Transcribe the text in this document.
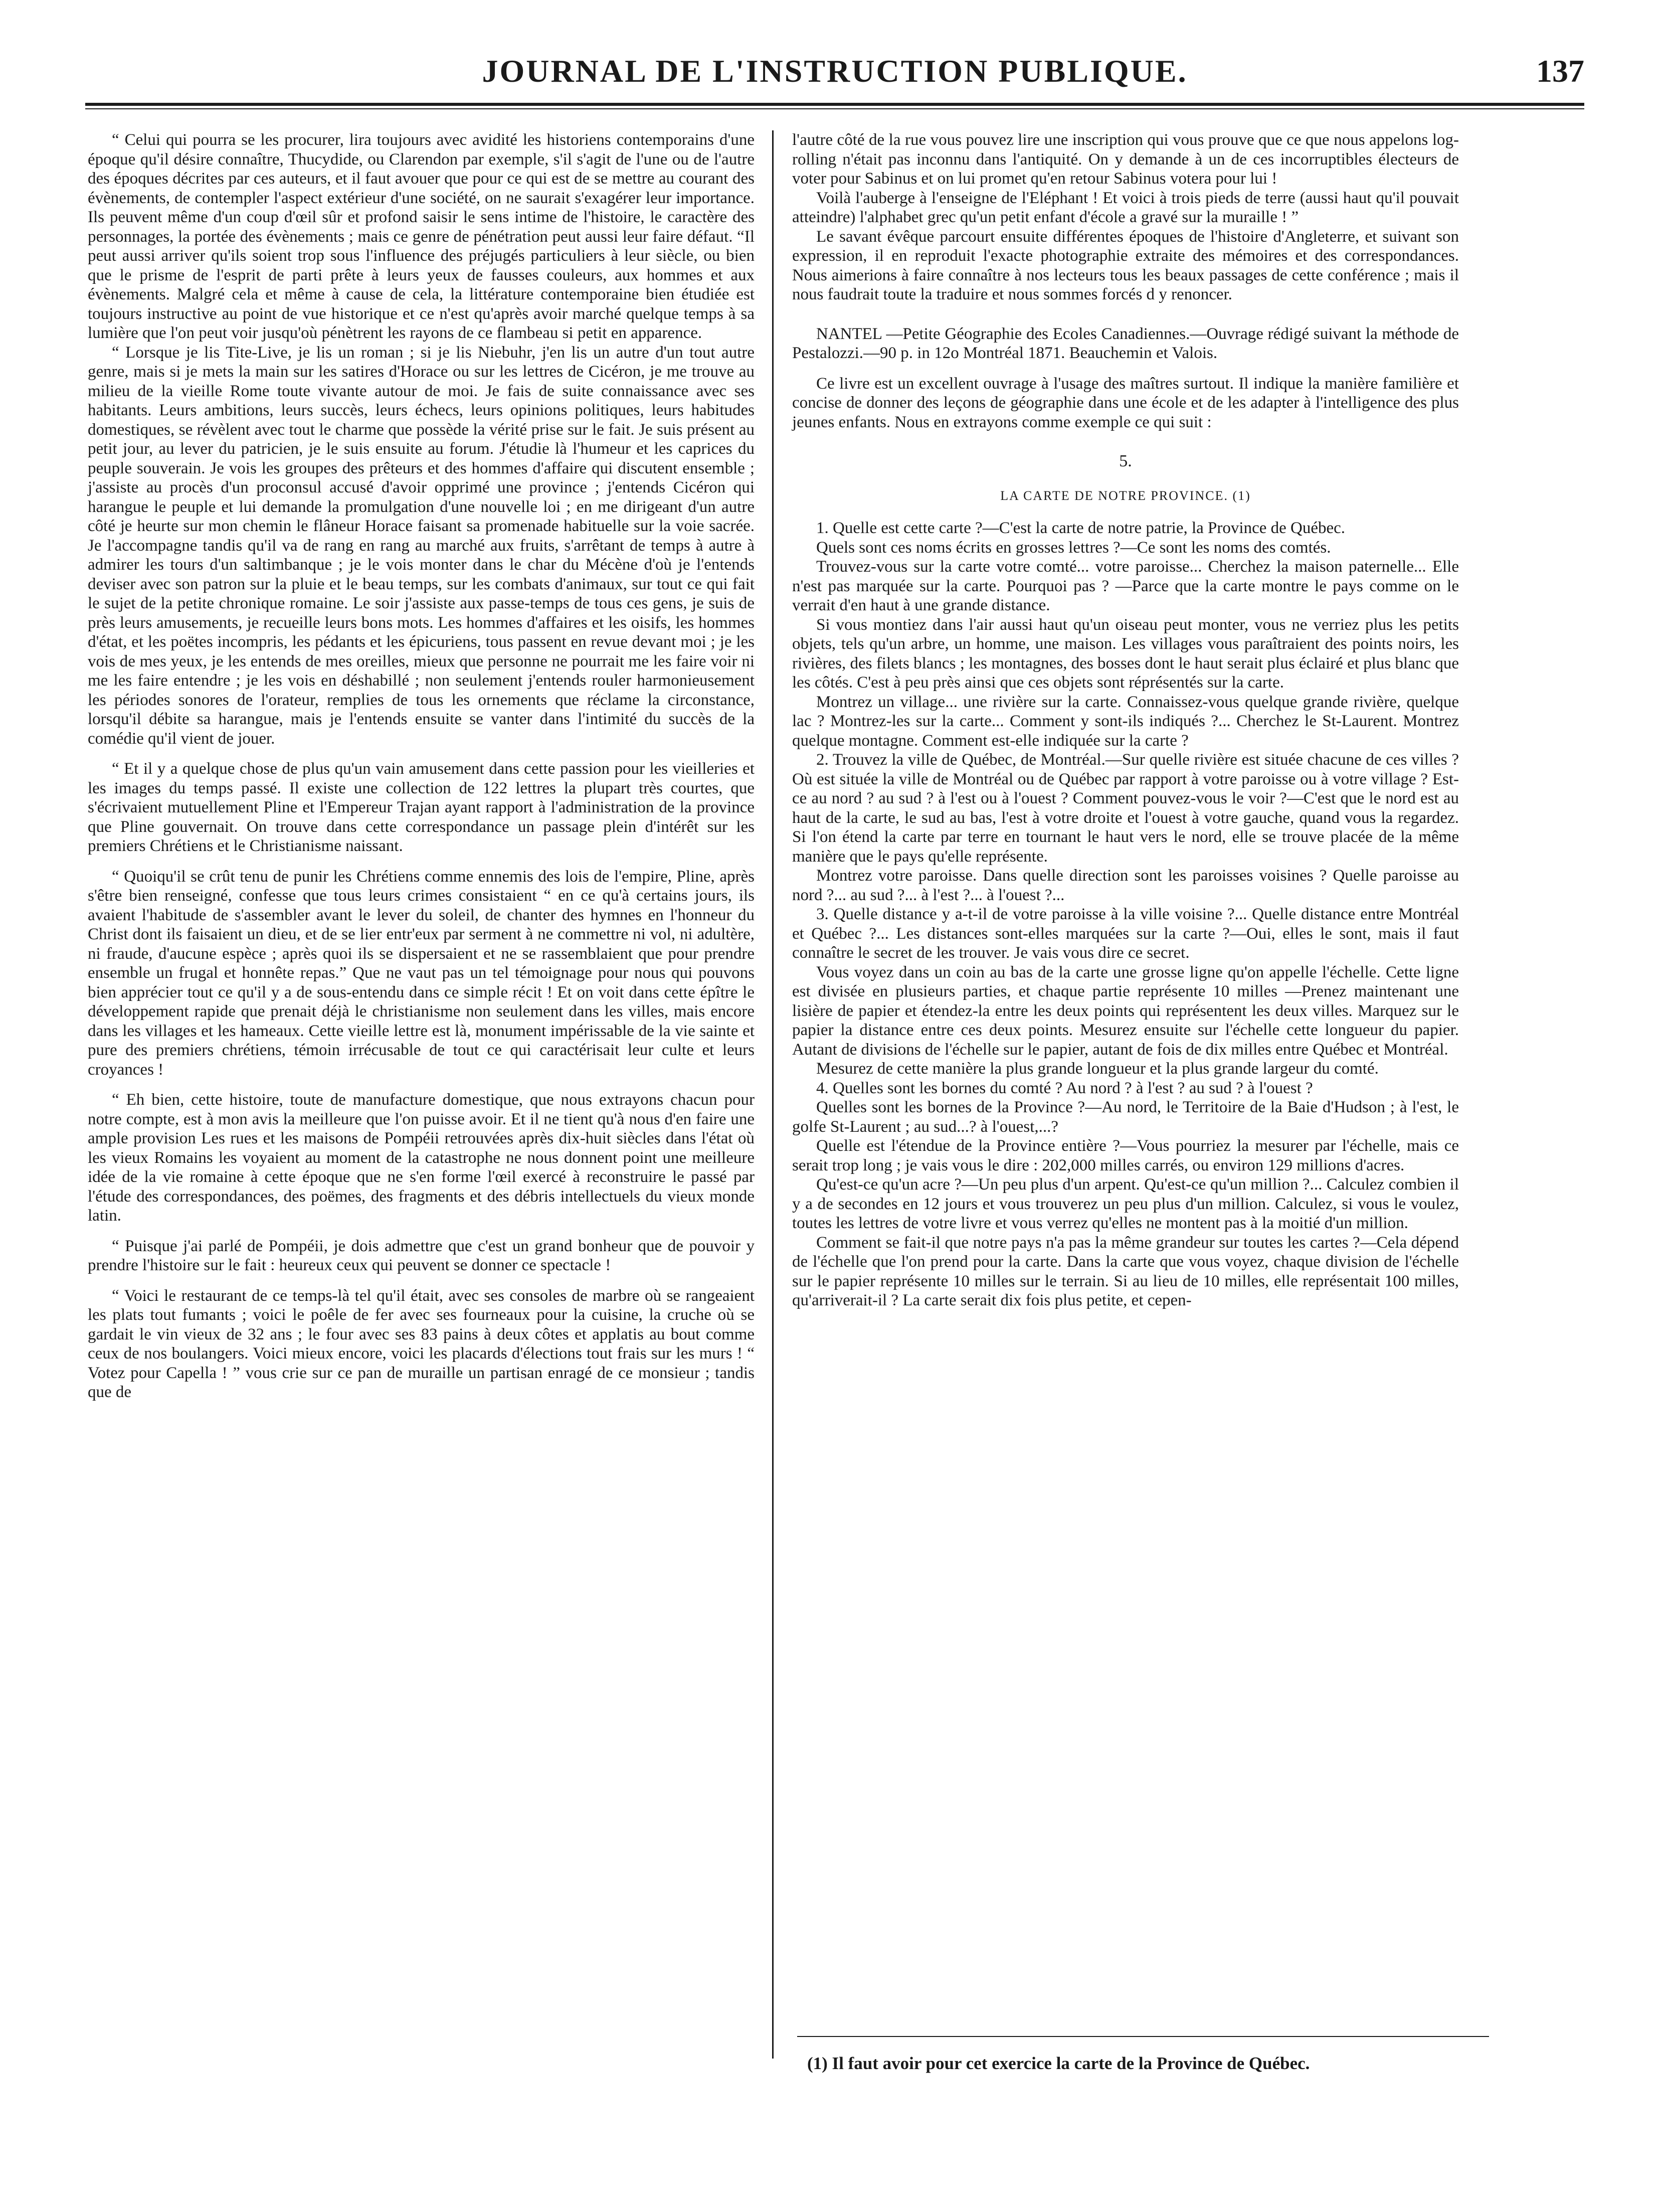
JOURNAL DE L'INSTRUCTION PUBLIQUE.	137

“ Celui qui pourra se les procurer, lira toujours avec avidité les historiens contemporains d'une époque qu'il désire connaître, Thucydide, ou Clarendon par exemple, s'il s'agit de l'une ou de l'autre des époques décrites par ces auteurs, et il faut avouer que pour ce qui est de se mettre au courant des évènements, de contempler l'aspect extérieur d'une société, on ne saurait s'exagérer leur importance. Ils peuvent même d'un coup d'œil sûr et profond saisir le sens intime de l'histoire, le caractère des personnages, la portée des évènements ; mais ce genre de pénétration peut aussi leur faire défaut. “Il peut aussi arriver qu'ils soient trop sous l'influence des préjugés particuliers à leur siècle, ou bien que le prisme de l'esprit de parti prête à leurs yeux de fausses couleurs, aux hommes et aux évènements. Malgré cela et même à cause de cela, la littérature contemporaine bien étudiée est toujours instructive au point de vue historique et ce n'est qu'après avoir marché quelque temps à sa lumière que l'on peut voir jusqu'où pénètrent les rayons de ce flambeau si petit en apparence.

“ Lorsque je lis Tite-Live, je lis un roman ; si je lis Niebuhr, j'en lis un autre d'un tout autre genre, mais si je mets la main sur les satires d'Horace ou sur les lettres de Cicéron, je me trouve au milieu de la vieille Rome toute vivante autour de moi. Je fais de suite connaissance avec ses habitants. Leurs ambitions, leurs succès, leurs échecs, leurs opinions politiques, leurs habitudes domestiques, se révèlent avec tout le charme que possède la vérité prise sur le fait. Je suis présent au petit jour, au lever du patricien, je le suis ensuite au forum. J'étudie là l'humeur et les caprices du peuple souverain. Je vois les groupes des prêteurs et des hommes d'affaire qui discutent ensemble ; j'assiste au procès d'un proconsul accusé d'avoir opprimé une province ; j'entends Cicéron qui harangue le peuple et lui demande la promulgation d'une nouvelle loi ; en me dirigeant d'un autre côté je heurte sur mon chemin le flâneur Horace faisant sa promenade habituelle sur la voie sacrée. Je l'accompagne tandis qu'il va de rang en rang au marché aux fruits, s'arrêtant de temps à autre à admirer les tours d'un saltimbanque ; je le vois monter dans le char du Mécène d'où je l'entends deviser avec son patron sur la pluie et le beau temps, sur les combats d'animaux, sur tout ce qui fait le sujet de la petite chronique romaine. Le soir j'assiste aux passe-temps de tous ces gens, je suis de près leurs amusements, je recueille leurs bons mots. Les hommes d'affaires et les oisifs, les hommes d'état, et les poëtes incompris, les pédants et les épicuriens, tous passent en revue devant moi ; je les vois de mes yeux, je les entends de mes oreilles, mieux que personne ne pourrait me les faire voir ni me les faire entendre ; je les vois en déshabillé ; non seulement j'entends rouler harmonieusement les périodes sonores de l'orateur, remplies de tous les ornements que réclame la circonstance, lorsqu'il débite sa harangue, mais je l'entends ensuite se vanter dans l'intimité du succès de la comédie qu'il vient de jouer.

“ Et il y a quelque chose de plus qu'un vain amusement dans cette passion pour les vieilleries et les images du temps passé. Il existe une collection de 122 lettres la plupart très courtes, que s'écrivaient mutuellement Pline et l'Empereur Trajan ayant rapport à l'administration de la province que Pline gouvernait. On trouve dans cette correspondance un passage plein d'intérêt sur les premiers Chrétiens et le Christianisme naissant.

“ Quoiqu'il se crût tenu de punir les Chrétiens comme ennemis des lois de l'empire, Pline, après s'être bien renseigné, confesse que tous leurs crimes consistaient “ en ce qu'à certains jours, ils avaient l'habitude de s'assembler avant le lever du soleil, de chanter des hymnes en l'honneur du Christ dont ils faisaient un dieu, et de se lier entr'eux par serment à ne commettre ni vol, ni adultère, ni fraude, d'aucune espèce ; après quoi ils se dispersaient et ne se rassemblaient que pour prendre ensemble un frugal et honnête repas.” Que ne vaut pas un tel témoignage pour nous qui pouvons bien apprécier tout ce qu'il y a de sous-entendu dans ce simple récit ! Et on voit dans cette épître le développement rapide que prenait déjà le christianisme non seulement dans les villes, mais encore dans les villages et les hameaux. Cette vieille lettre est là, monument impérissable de la vie sainte et pure des premiers chrétiens, témoin irrécusable de tout ce qui caractérisait leur culte et leurs croyances !

“ Eh bien, cette histoire, toute de manufacture domestique, que nous extrayons chacun pour notre compte, est à mon avis la meilleure que l'on puisse avoir. Et il ne tient qu'à nous d'en faire une ample provision Les rues et les maisons de Pompéii retrouvées après dix-huit siècles dans l'état où les vieux Romains les voyaient au moment de la catastrophe ne nous donnent point une meilleure idée de la vie romaine à cette époque que ne s'en forme l'œil exercé à reconstruire le passé par l'étude des correspondances, des poëmes, des fragments et des débris intellectuels du vieux monde latin.

“ Puisque j'ai parlé de Pompéii, je dois admettre que c'est un grand bonheur que de pouvoir y prendre l'histoire sur le fait : heureux ceux qui peuvent se donner ce spectacle !

“ Voici le restaurant de ce temps-là tel qu'il était, avec ses consoles de marbre où se rangeaient les plats tout fumants ; voici le poêle de fer avec ses fourneaux pour la cuisine, la cruche où se gardait le vin vieux de 32 ans ; le four avec ses 83 pains à deux côtes et applatis au bout comme ceux de nos boulangers. Voici mieux encore, voici les placards d'élections tout frais sur les murs ! “ Votez pour Capella ! ” vous crie sur ce pan de muraille un partisan enragé de ce monsieur ; tandis que de

l'autre côté de la rue vous pouvez lire une inscription qui vous prouve que ce que nous appelons log-rolling n'était pas inconnu dans l'antiquité. On y demande à un de ces incorruptibles électeurs de voter pour Sabinus et on lui promet qu'en retour Sabinus votera pour lui !

Voilà l'auberge à l'enseigne de l'Eléphant ! Et voici à trois pieds de terre (aussi haut qu'il pouvait atteindre) l'alphabet grec qu'un petit enfant d'école a gravé sur la muraille ! ”

Le savant évêque parcourt ensuite différentes époques de l'histoire d'Angleterre, et suivant son expression, il en reproduit l'exacte photographie extraite des mémoires et des correspondances. Nous aimerions à faire connaître à nos lecteurs tous les beaux passages de cette conférence ; mais il nous faudrait toute la traduire et nous sommes forcés d y renoncer.

NANTEL —Petite Géographie des Ecoles Canadiennes.—Ouvrage rédigé suivant la méthode de Pestalozzi.—90 p. in 12o Montréal 1871. Beauchemin et Valois.

Ce livre est un excellent ouvrage à l'usage des maîtres surtout. Il indique la manière familière et concise de donner des leçons de géographie dans une école et de les adapter à l'intelligence des plus jeunes enfants. Nous en extrayons comme exemple ce qui suit :

5.
LA CARTE DE NOTRE PROVINCE. (1)

1. Quelle est cette carte ?—C'est la carte de notre patrie, la Province de Québec.

Quels sont ces noms écrits en grosses lettres ?—Ce sont les noms des comtés.

Trouvez-vous sur la carte votre comté... votre paroisse... Cherchez la maison paternelle... Elle n'est pas marquée sur la carte. Pourquoi pas ? —Parce que la carte montre le pays comme on le verrait d'en haut à une grande distance.

Si vous montiez dans l'air aussi haut qu'un oiseau peut monter, vous ne verriez plus les petits objets, tels qu'un arbre, un homme, une maison. Les villages vous paraîtraient des points noirs, les rivières, des filets blancs ; les montagnes, des bosses dont le haut serait plus éclairé et plus blanc que les côtés. C'est à peu près ainsi que ces objets sont réprésentés sur la carte.

Montrez un village... une rivière sur la carte. Connaissez-vous quelque grande rivière, quelque lac ? Montrez-les sur la carte... Comment y sont-ils indiqués ?... Cherchez le St-Laurent. Montrez quelque montagne. Comment est-elle indiquée sur la carte ?

2. Trouvez la ville de Québec, de Montréal.—Sur quelle rivière est située chacune de ces villes ? Où est située la ville de Montréal ou de Québec par rapport à votre paroisse ou à votre village ? Est-ce au nord ? au sud ? à l'est ou à l'ouest ? Comment pouvez-vous le voir ?—C'est que le nord est au haut de la carte, le sud au bas, l'est à votre droite et l'ouest à votre gauche, quand vous la regardez. Si l'on étend la carte par terre en tournant le haut vers le nord, elle se trouve placée de la même manière que le pays qu'elle représente.

Montrez votre paroisse. Dans quelle direction sont les paroisses voisines ? Quelle paroisse au nord ?... au sud ?... à l'est ?... à l'ouest ?...

3. Quelle distance y a-t-il de votre paroisse à la ville voisine ?... Quelle distance entre Montréal et Québec ?... Les distances sont-elles marquées sur la carte ?—Oui, elles le sont, mais il faut connaître le secret de les trouver. Je vais vous dire ce secret.

Vous voyez dans un coin au bas de la carte une grosse ligne qu'on appelle l'échelle. Cette ligne est divisée en plusieurs parties, et chaque partie représente 10 milles —Prenez maintenant une lisière de papier et étendez-la entre les deux points qui représentent les deux villes. Marquez sur le papier la distance entre ces deux points. Mesurez ensuite sur l'échelle cette longueur du papier. Autant de divisions de l'échelle sur le papier, autant de fois de dix milles entre Québec et Montréal.

Mesurez de cette manière la plus grande longueur et la plus grande largeur du comté.

4. Quelles sont les bornes du comté ? Au nord ? à l'est ? au sud ? à l'ouest ?

Quelles sont les bornes de la Province ?—Au nord, le Territoire de la Baie d'Hudson ; à l'est, le golfe St-Laurent ; au sud...? à l'ouest,...?

Quelle est l'étendue de la Province entière ?—Vous pourriez la mesurer par l'échelle, mais ce serait trop long ; je vais vous le dire : 202,000 milles carrés, ou environ 129 millions d'acres.

Qu'est-ce qu'un acre ?—Un peu plus d'un arpent. Qu'est-ce qu'un million ?... Calculez combien il y a de secondes en 12 jours et vous trouverez un peu plus d'un million. Calculez, si vous le voulez, toutes les lettres de votre livre et vous verrez qu'elles ne montent pas à la moitié d'un million.

Comment se fait-il que notre pays n'a pas la même grandeur sur toutes les cartes ?—Cela dépend de l'échelle que l'on prend pour la carte. Dans la carte que vous voyez, chaque division de l'échelle sur le papier représente 10 milles sur le terrain. Si au lieu de 10 milles, elle représentait 100 milles, qu'arriverait-il ? La carte serait dix fois plus petite, et cepen-

(1) Il faut avoir pour cet exercice la carte de la Province de Québec.
